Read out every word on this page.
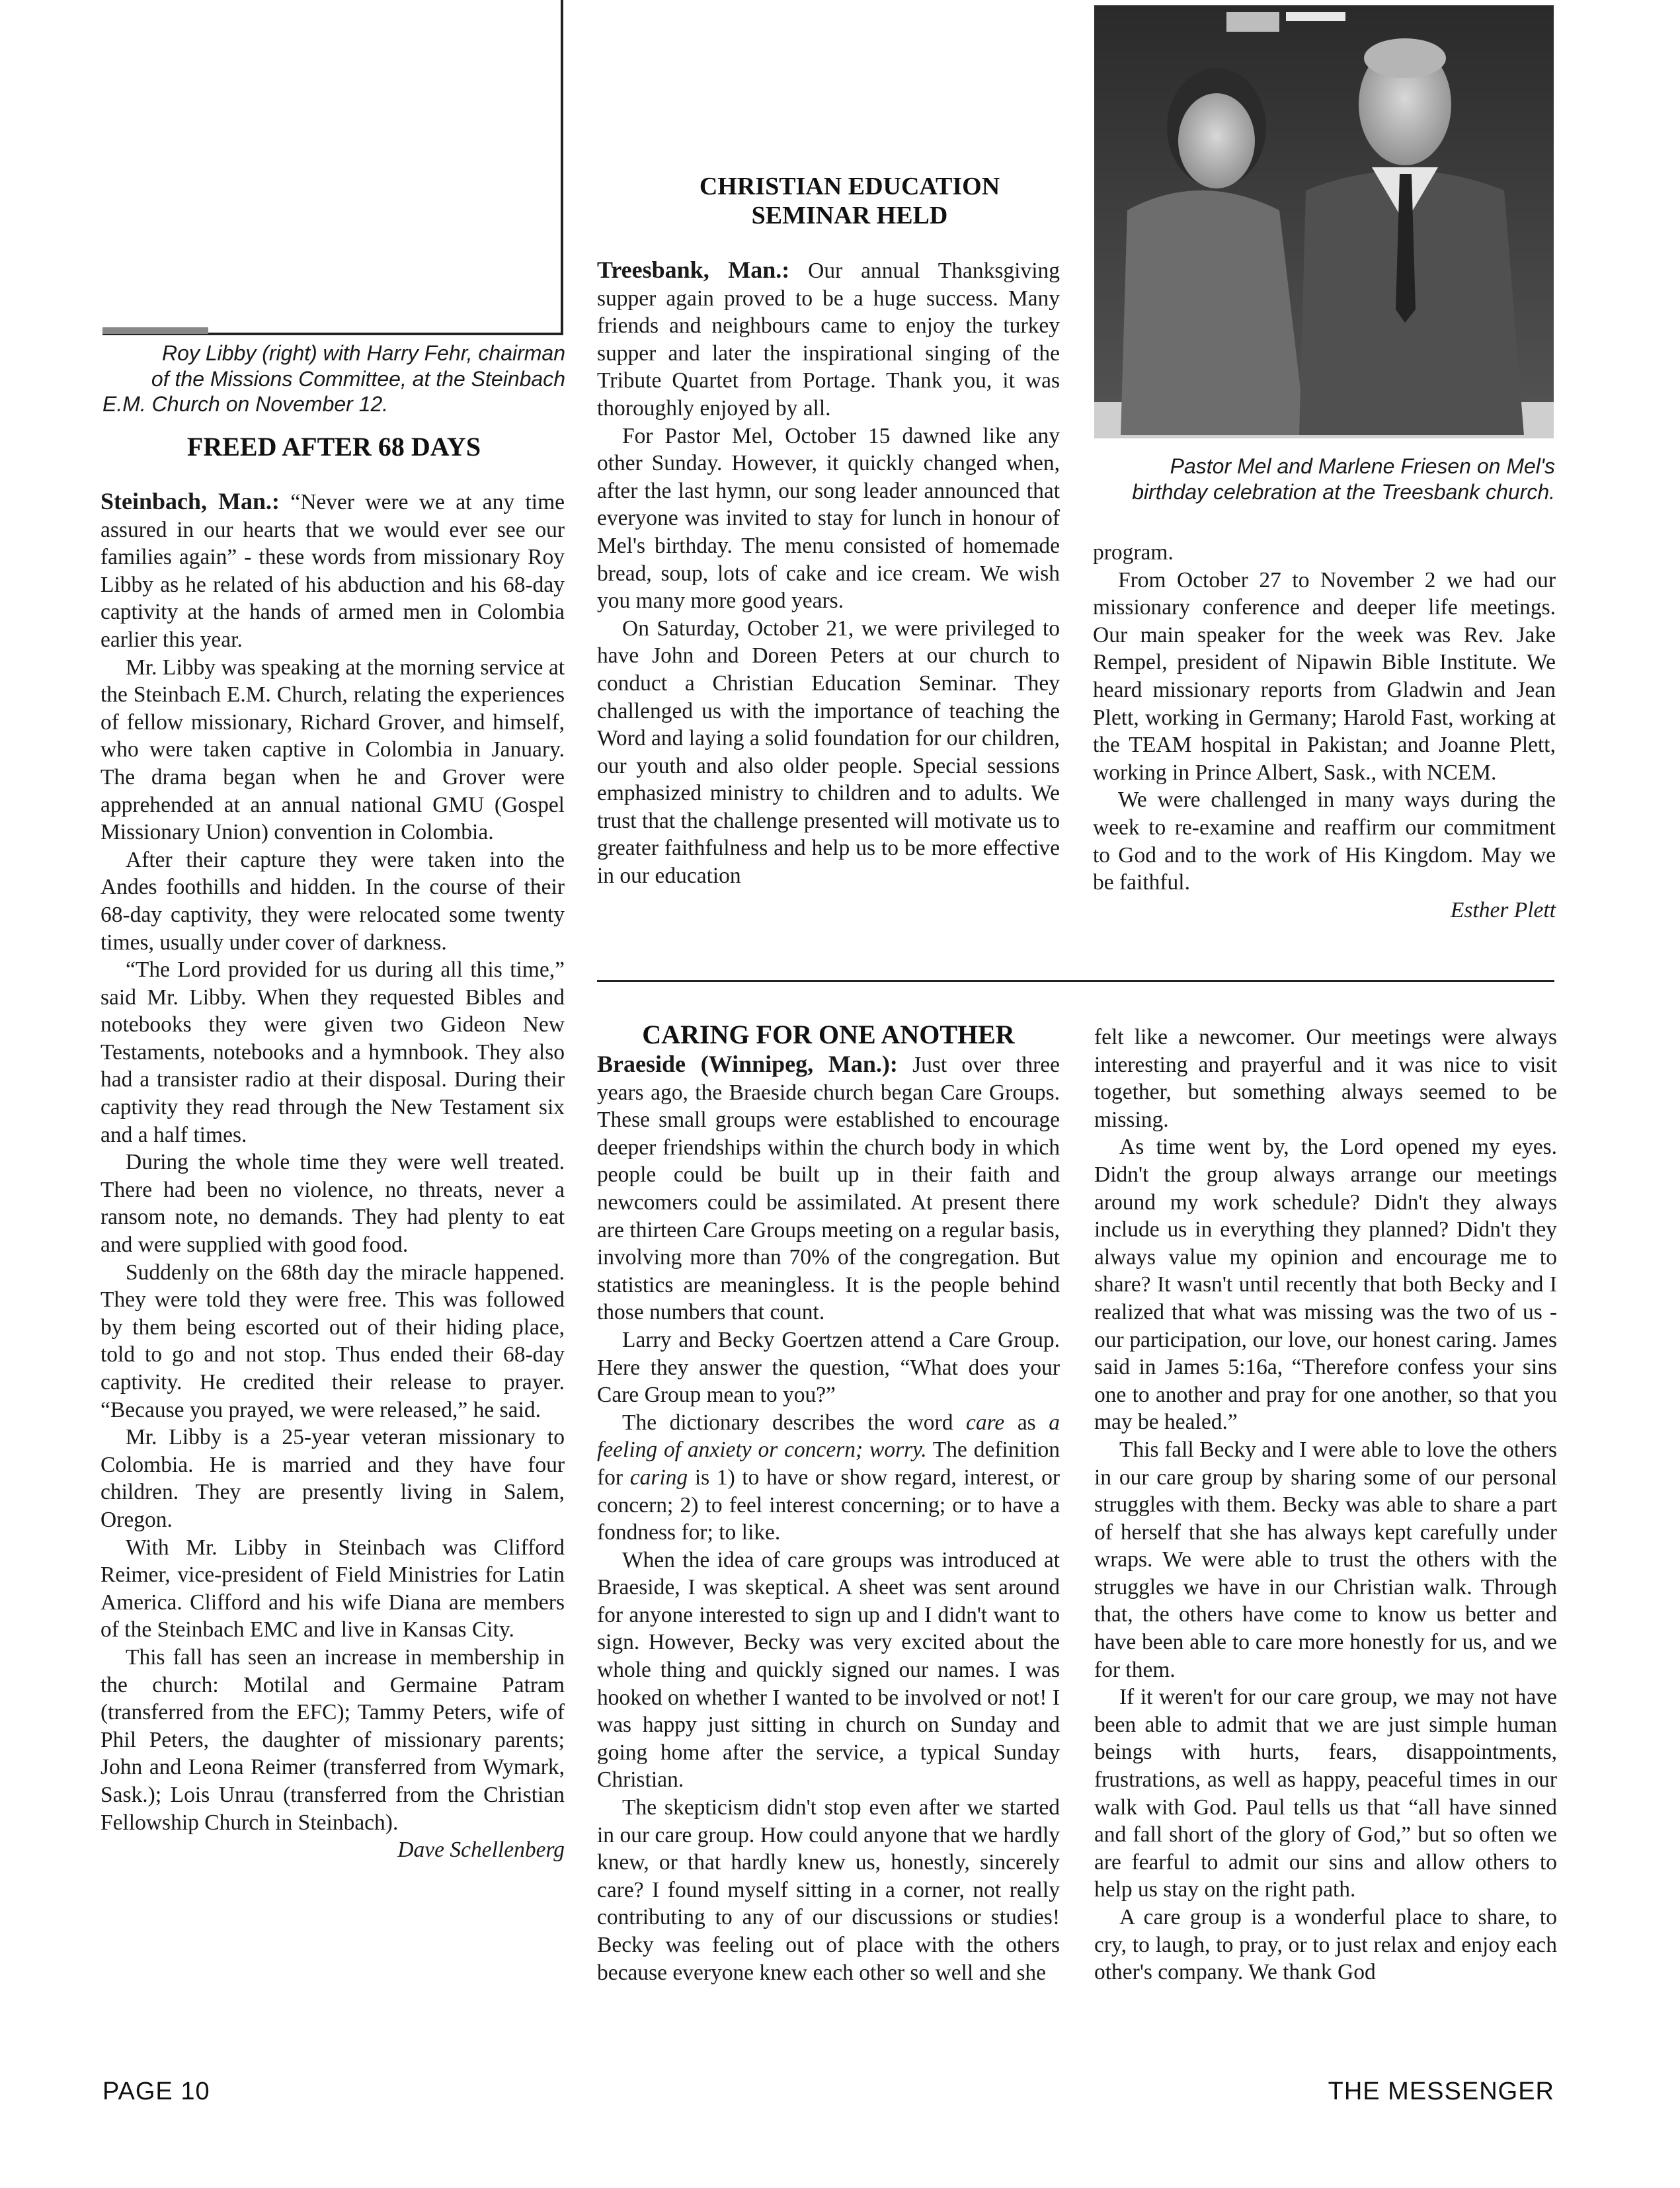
Roy Libby (right) with Harry Fehr, chairman
of the Missions Committee, at the Steinbach
E.M. Church on November 12.
FREED AFTER 68 DAYS

Steinbach, Man.: “Never were we at any time assured in our hearts that we would ever see our families again” - these words from missionary Roy Libby as he related of his abduction and his 68-day captivity at the hands of armed men in Colombia earlier this year.

Mr. Libby was speaking at the morning service at the Steinbach E.M. Church, relating the experiences of fellow missionary, Richard Grover, and himself, who were taken captive in Colombia in January. The drama began when he and Grover were apprehended at an annual national GMU (Gospel Missionary Union) convention in Colombia.

After their capture they were taken into the Andes foothills and hidden. In the course of their 68-day captivity, they were relocated some twenty times, usually under cover of darkness.

“The Lord provided for us during all this time,” said Mr. Libby. When they requested Bibles and notebooks they were given two Gideon New Testaments, notebooks and a hymnbook. They also had a transister radio at their disposal. During their captivity they read through the New Testament six and a half times.

During the whole time they were well treated. There had been no violence, no threats, never a ransom note, no demands. They had plenty to eat and were supplied with good food.

Suddenly on the 68th day the miracle happened. They were told they were free. This was followed by them being escorted out of their hiding place, told to go and not stop. Thus ended their 68-day captivity. He credited their release to prayer. “Because you prayed, we were released,” he said.

Mr. Libby is a 25-year veteran missionary to Colombia. He is married and they have four children. They are presently living in Salem, Oregon.

With Mr. Libby in Steinbach was Clifford Reimer, vice-president of Field Ministries for Latin America. Clifford and his wife Diana are members of the Steinbach EMC and live in Kansas City.

This fall has seen an increase in membership in the church: Motilal and Germaine Patram (transferred from the EFC); Tammy Peters, wife of Phil Peters, the daughter of missionary parents; John and Leona Reimer (transferred from Wymark, Sask.); Lois Unrau (transferred from the Christian Fellowship Church in Steinbach).

Dave Schellenberg

CHRISTIAN EDUCATION
SEMINAR HELD

Treesbank, Man.: Our annual Thanksgiving supper again proved to be a huge success. Many friends and neighbours came to enjoy the turkey supper and later the inspirational singing of the Tribute Quartet from Portage. Thank you, it was thoroughly enjoyed by all.

For Pastor Mel, October 15 dawned like any other Sunday. However, it quickly changed when, after the last hymn, our song leader announced that everyone was invited to stay for lunch in honour of Mel's birthday. The menu consisted of homemade bread, soup, lots of cake and ice cream. We wish you many more good years.

On Saturday, October 21, we were privileged to have John and Doreen Peters at our church to conduct a Christian Education Seminar. They challenged us with the importance of teaching the Word and laying a solid foundation for our children, our youth and also older people. Special sessions emphasized ministry to children and to adults. We trust that the challenge presented will motivate us to greater faithfulness and help us to be more effective in our education

Pastor Mel and Marlene Friesen on Mel's
birthday celebration at the Treesbank church.

program.

From October 27 to November 2 we had our missionary conference and deeper life meetings. Our main speaker for the week was Rev. Jake Rempel, president of Nipawin Bible Institute. We heard missionary reports from Gladwin and Jean Plett, working in Germany; Harold Fast, working at the TEAM hospital in Pakistan; and Joanne Plett, working in Prince Albert, Sask., with NCEM.

We were challenged in many ways during the week to re-examine and reaffirm our commitment to God and to the work of His Kingdom. May we be faithful.

Esther Plett

CARING FOR ONE ANOTHER

Braeside (Winnipeg, Man.): Just over three years ago, the Braeside church began Care Groups. These small groups were established to encourage deeper friendships within the church body in which people could be built up in their faith and newcomers could be assimilated. At present there are thirteen Care Groups meeting on a regular basis, involving more than 70% of the congregation. But statistics are meaningless. It is the people behind those numbers that count.

Larry and Becky Goertzen attend a Care Group. Here they answer the question, “What does your Care Group mean to you?”

The dictionary describes the word care as a feeling of anxiety or concern; worry. The definition for caring is 1) to have or show regard, interest, or concern; 2) to feel interest concerning; or to have a fondness for; to like.

When the idea of care groups was introduced at Braeside, I was skeptical. A sheet was sent around for anyone interested to sign up and I didn't want to sign. However, Becky was very excited about the whole thing and quickly signed our names. I was hooked on whether I wanted to be involved or not! I was happy just sitting in church on Sunday and going home after the service, a typical Sunday Christian.

The skepticism didn't stop even after we started in our care group. How could anyone that we hardly knew, or that hardly knew us, honestly, sincerely care? I found myself sitting in a corner, not really contributing to any of our discussions or studies! Becky was feeling out of place with the others because everyone knew each other so well and she

felt like a newcomer. Our meetings were always interesting and prayerful and it was nice to visit together, but something always seemed to be missing.

As time went by, the Lord opened my eyes. Didn't the group always arrange our meetings around my work schedule? Didn't they always include us in everything they planned? Didn't they always value my opinion and encourage me to share? It wasn't until recently that both Becky and I realized that what was missing was the two of us - our participation, our love, our honest caring. James said in James 5:16a, “Therefore confess your sins one to another and pray for one another, so that you may be healed.”

This fall Becky and I were able to love the others in our care group by sharing some of our personal struggles with them. Becky was able to share a part of herself that she has always kept carefully under wraps. We were able to trust the others with the struggles we have in our Christian walk. Through that, the others have come to know us better and have been able to care more honestly for us, and we for them.

If it weren't for our care group, we may not have been able to admit that we are just simple human beings with hurts, fears, disappointments, frustrations, as well as happy, peaceful times in our walk with God. Paul tells us that “all have sinned and fall short of the glory of God,” but so often we are fearful to admit our sins and allow others to help us stay on the right path.

A care group is a wonderful place to share, to cry, to laugh, to pray, or to just relax and enjoy each other's company. We thank God

PAGE 10	THE MESSENGER
